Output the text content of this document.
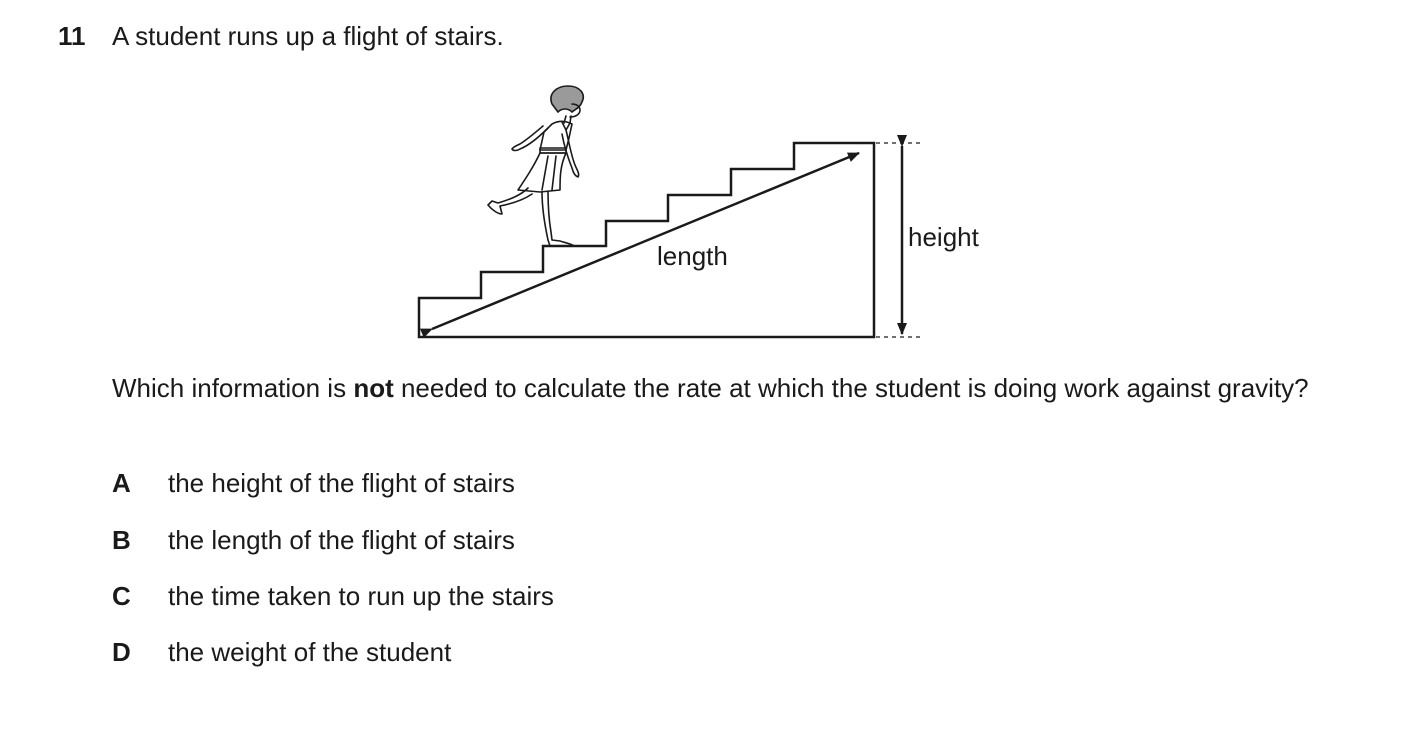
11 A student runs up a flight of stairs.
length
height
Which information is not needed to calculate the rate at which the student is doing work against gravity?
A the height of the flight of stairs
B the length of the flight of stairs
C the time taken to run up the stairs
D the weight of the student
